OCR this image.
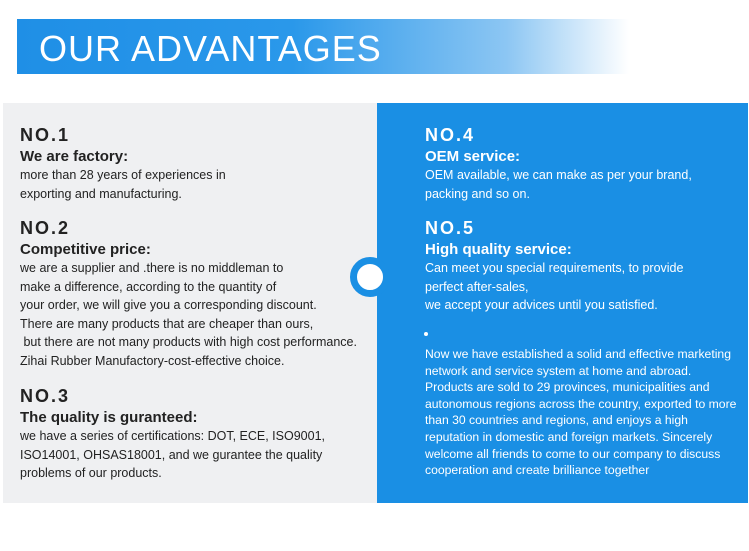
OUR ADVANTAGES
NO.1
We are factory:
more than 28 years of experiences in
exporting and manufacturing.
NO.2
Competitive price:
we are a supplier and .there is no middleman to
make a difference, according to the quantity of
your order, we will give you a corresponding discount.
There are many products that are cheaper than ours,
but there are not many products with high cost performance.
Zihai Rubber Manufactory-cost-effective choice.
NO.3
The quality is guranteed:
we have a series of certifications: DOT, ECE, ISO9001,
ISO14001, OHSAS18001, and we gurantee the quality
problems of our products.
NO.4
OEM service:
OEM available, we can make as per your brand,
packing and so on.
NO.5
High quality service:
Can meet you special requirements, to provide
perfect after-sales,
we accept your advices until you satisfied.
Now we have established a solid and effective marketing network and service system at home and abroad. Products are sold to 29 provinces, municipalities and autonomous regions across the country, exported to more than 30 countries and regions, and enjoys a high reputation in domestic and foreign markets. Sincerely welcome all friends to come to our company to discuss cooperation and create brilliance together
